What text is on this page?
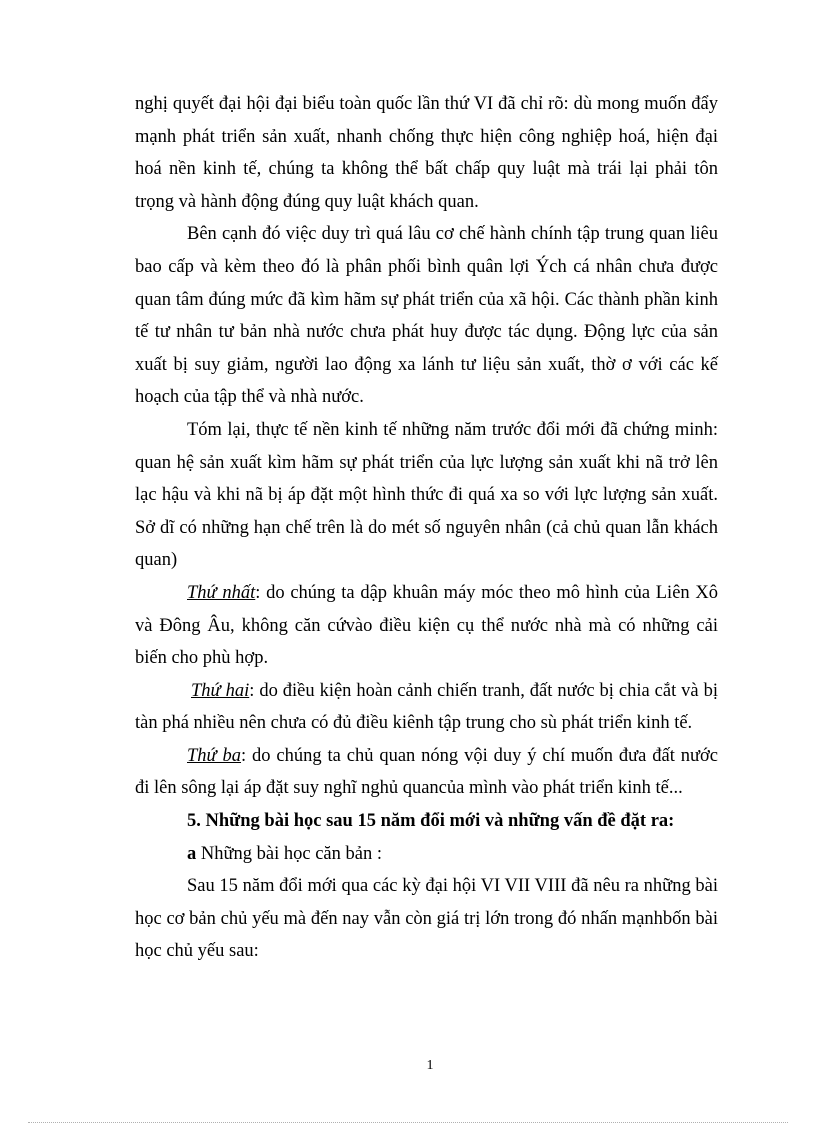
nghị quyết đại hội đại biểu toàn quốc lần thứ VI đã chỉ rõ: dù mong muốn đẩy mạnh phát triển sản xuất, nhanh chống thực hiện công nghiệp hoá, hiện đại hoá nền kinh tế, chúng ta không thể bất chấp quy luật mà trái lại phải tôn trọng và hành động đúng quy luật khách quan.

Bên cạnh đó việc duy trì quá lâu cơ chế hành chính tập trung quan liêu bao cấp và kèm theo đó là phân phối bình quân lợi Ých cá nhân chưa được quan tâm đúng mức đã kìm hãm sự phát triển của xã hội. Các thành phần kinh tế tư nhân tư bản nhà nước chưa phát huy được tác dụng. Động lực của sản xuất bị suy giảm, người lao động xa lánh tư liệu sản xuất, thờ ơ với các kế hoạch của tập thể và nhà nước.

Tóm lại, thực tế nền kinh tế những năm trước đổi mới đã chứng minh: quan hệ sản xuất kìm hãm sự phát triển của lực lượng sản xuất khi nã trở lên lạc hậu và khi nã bị áp đặt một hình thức đi quá xa so với lực lượng sản xuất. Sở dĩ có những hạn chế trên là do mét số nguyên nhân (cả chủ quan lẫn khách quan)

Thứ nhất: do chúng ta dập khuân máy móc theo mô hình của Liên Xô và Đông Âu, không căn cứvào điều kiện cụ thể nước nhà mà có những cải biến cho phù hợp.

Thứ hai: do điều kiện hoàn cảnh chiến tranh, đất nước bị chia cắt và bị tàn phá nhiều nên chưa có đủ điều kiênh tập trung cho sù phát triển kinh tế.

Thứ ba: do chúng ta chủ quan nóng vội duy ý chí muốn đưa đất nước đi lên sông lại áp đặt suy nghĩ nghủ quancủa mình vào phát triển kinh tế...

5. Những bài học sau 15 năm đổi mới và những vấn đề đặt ra:

a Những bài học căn bản :

Sau 15 năm đổi mới qua các kỳ đại hội VI VII VIII đã nêu ra những bài học cơ bản chủ yếu mà đến nay vẫn còn giá trị lớn trong đó nhấn mạnhbốn bài học chủ yếu sau:

1
